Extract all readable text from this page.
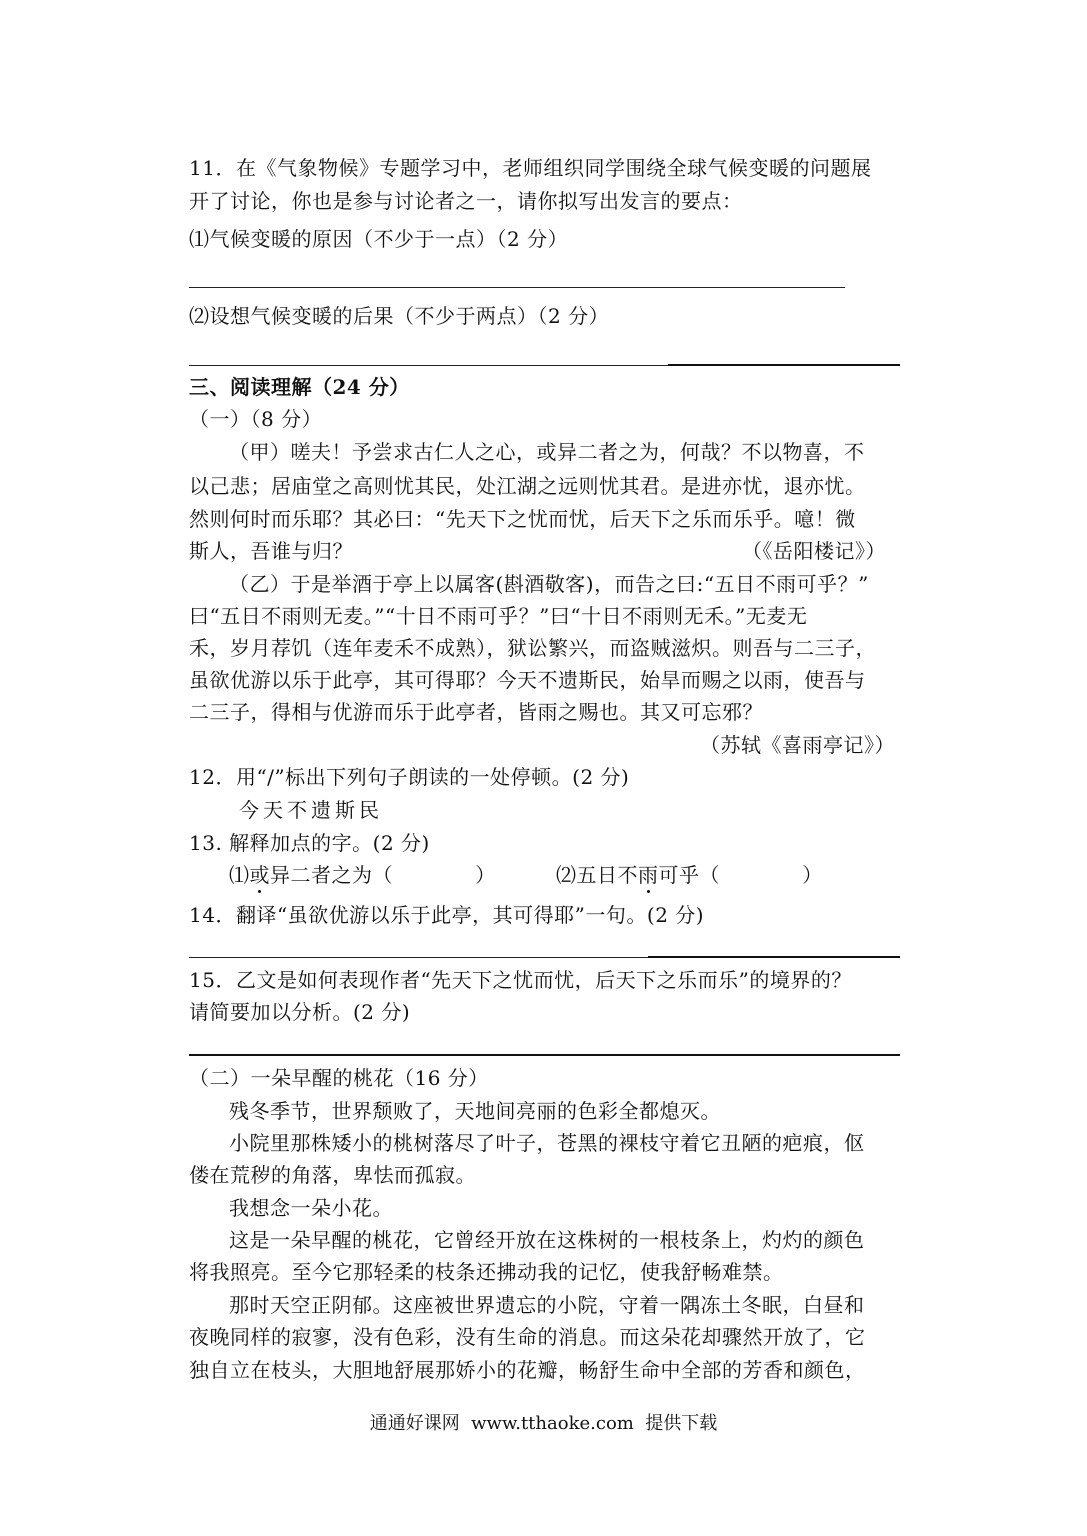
11．在《气象物候》专题学习中，老师组织同学围绕全球气候变暖的问题展
开了讨论，你也是参与讨论者之一，请你拟写出发言的要点：
⑴气候变暖的原因（不少于一点）（2 分）
⑵设想气候变暖的后果（不少于两点）（2 分）
三、阅读理解（24 分）
（一）（8 分）
（甲）嗟夫！予尝求古仁人之心，或异二者之为，何哉？不以物喜，不
以己悲；居庙堂之高则忧其民，处江湖之远则忧其君。是进亦忧，退亦忧。
然则何时而乐耶？其必曰：“先天下之忧而忧，后天下之乐而乐乎。噫！微
斯人，吾谁与归？	（《岳阳楼记》）
（乙）于是举酒于亭上以属客(斟酒敬客)，而告之曰:“五日不雨可乎？”
曰“五日不雨则无麦。”“十日不雨可乎？”曰“十日不雨则无禾。”无麦无
禾，岁月荐饥（连年麦禾不成熟），狱讼繁兴，而盗贼滋炽。则吾与二三子，
虽欲优游以乐于此亭，其可得耶？今天不遗斯民，始旱而赐之以雨，使吾与
二三子，得相与优游而乐于此亭者，皆雨之赐也。其又可忘邪？
（苏轼《喜雨亭记》）
12．用“/”标出下列句子朗读的一处停顿。(2 分)
今天不遗斯民
13. 解释加点的字。(2 分)
⑴或异二者之为（            ）	⑵五日不雨可乎（            ）
14．翻译“虽欲优游以乐于此亭，其可得耶”一句。(2 分)
15．乙文是如何表现作者“先天下之忧而忧，后天下之乐而乐”的境界的？
请简要加以分析。(2 分)
（二）一朵早醒的桃花（16 分）
残冬季节，世界颓败了，天地间亮丽的色彩全都熄灭。
小院里那株矮小的桃树落尽了叶子，苍黑的裸枝守着它丑陋的疤痕，伛
偻在荒秽的角落，卑怯而孤寂。
我想念一朵小花。
这是一朵早醒的桃花，它曾经开放在这株树的一根枝条上，灼灼的颜色
将我照亮。至今它那轻柔的枝条还拂动我的记忆，使我舒畅难禁。
那时天空正阴郁。这座被世界遗忘的小院，守着一隅冻土冬眠，白昼和
夜晚同样的寂寥，没有色彩，没有生命的消息。而这朵花却骤然开放了，它
独自立在枝头，大胆地舒展那娇小的花瓣，畅舒生命中全部的芳香和颜色，
通通好课网  www.tthaoke.com  提供下载
